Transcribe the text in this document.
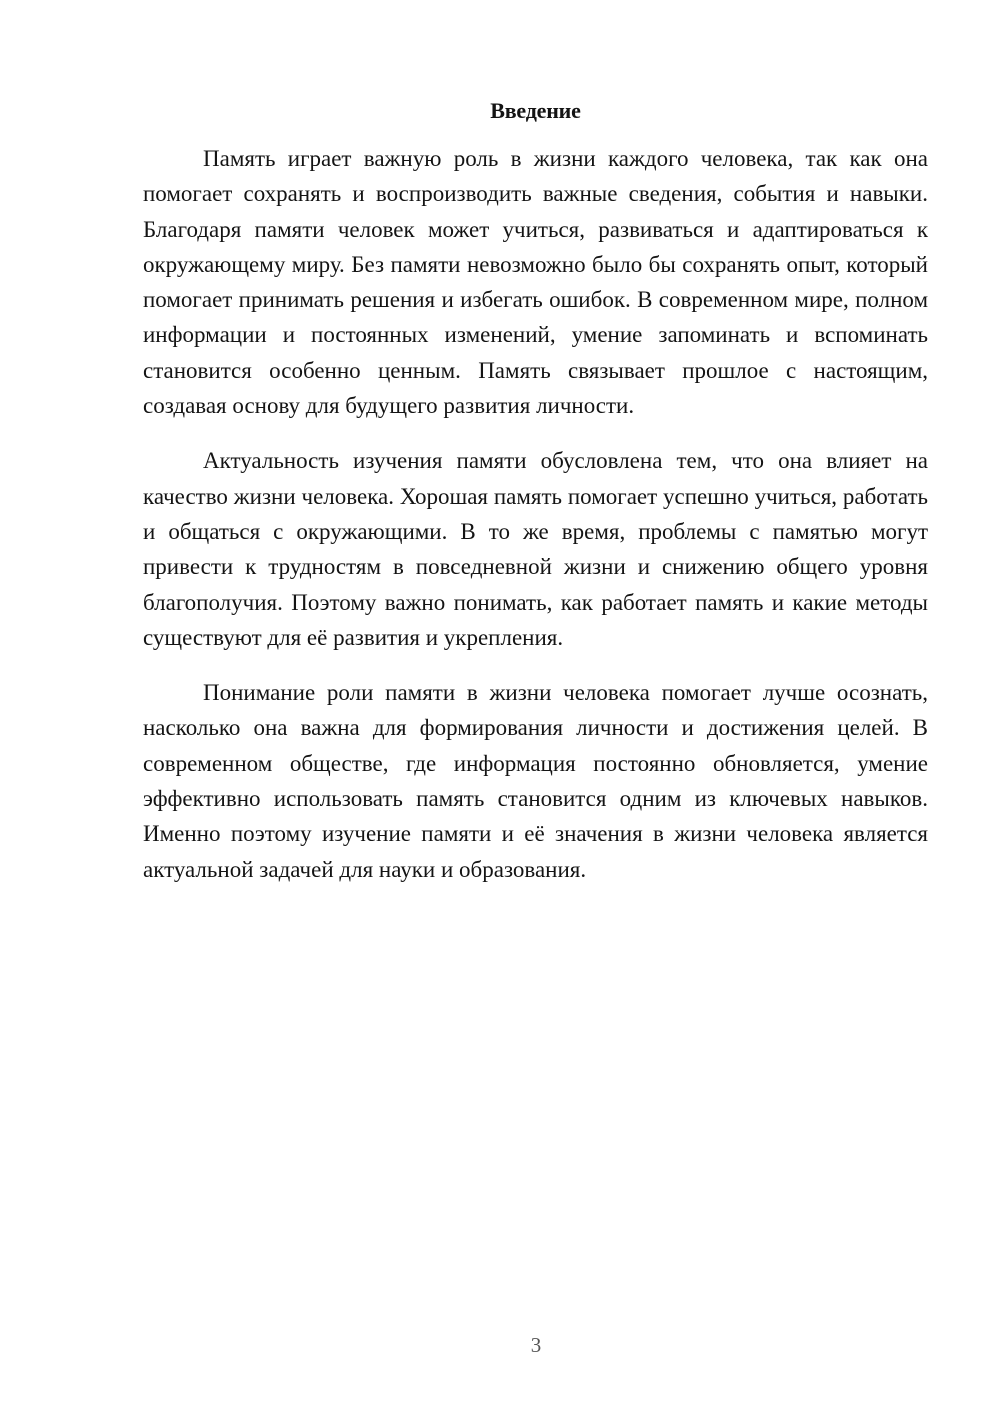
Введение

Память играет важную роль в жизни каждого человека, так как она помогает сохранять и воспроизводить важные сведения, события и навыки. Благодаря памяти человек может учиться, развиваться и адаптироваться к окружающему миру. Без памяти невозможно было бы сохранять опыт, который помогает принимать решения и избегать ошибок. В современном мире, полном информации и постоянных изменений, умение запоминать и вспоминать становится особенно ценным. Память связывает прошлое с настоящим, создавая основу для будущего развития личности.

Актуальность изучения памяти обусловлена тем, что она влияет на качество жизни человека. Хорошая память помогает успешно учиться, работать и общаться с окружающими. В то же время, проблемы с памятью могут привести к трудностям в повседневной жизни и снижению общего уровня благополучия. Поэтому важно понимать, как работает память и какие методы существуют для её развития и укрепления.

Понимание роли памяти в жизни человека помогает лучше осознать, насколько она важна для формирования личности и достижения целей. В современном обществе, где информация постоянно обновляется, умение эффективно использовать память становится одним из ключевых навыков. Именно поэтому изучение памяти и её значения в жизни человека является актуальной задачей для науки и образования.

3
